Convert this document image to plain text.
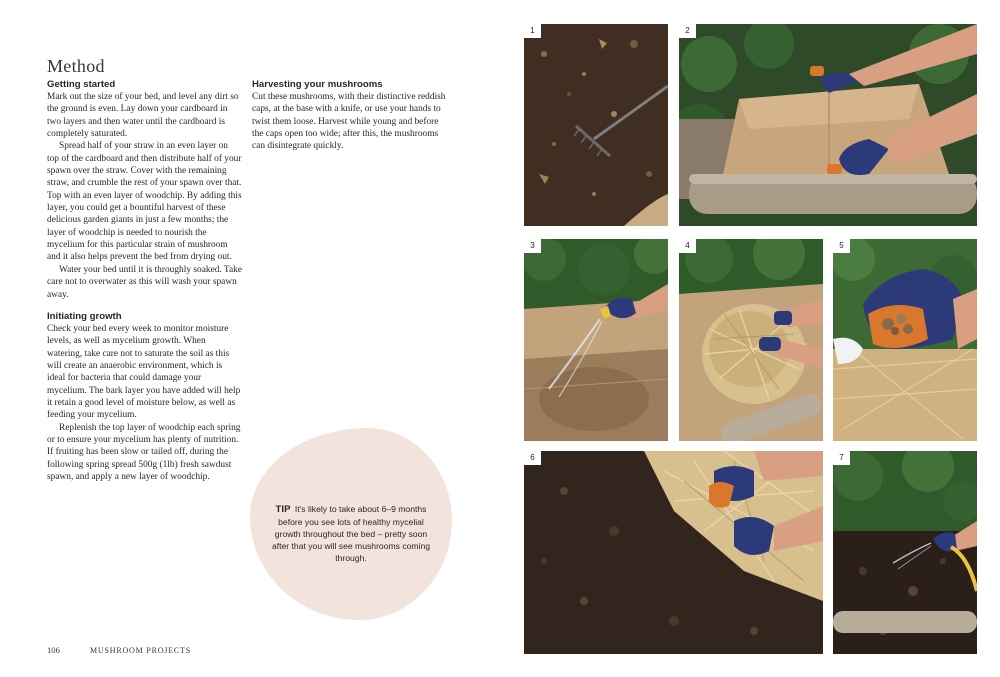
Method
Getting started

Mark out the size of your bed, and level any dirt so the ground is even. Lay down your cardboard in two layers and then water until the cardboard is completely saturated.

Spread half of your straw in an even layer on top of the cardboard and then distribute half of your spawn over the straw. Cover with the remaining straw, and crumble the rest of your spawn over that. Top with an even layer of woodchip. By adding this layer, you could get a bountiful harvest of these delicious garden giants in just a few months; the layer of woodchip is needed to nourish the mycelium for this particular strain of mushroom and it also helps prevent the bed from drying out.

Water your bed until it is throughly soaked. Take care not to overwater as this will wash your spawn away.

Initiating growth

Check your bed every week to monitor moisture levels, as well as mycelium growth. When watering, take care not to saturate the soil as this will create an anaerobic environment, which is ideal for bacteria that could damage your mycelium. The bark layer you have added will help it retain a good level of moisture below, as well as feeding your mycelium.

Replenish the top layer of woodchip each spring or to ensure your mycelium has plenty of nutrition. If fruiting has been slow or tailed off, during the following spring spread 500g (1lb) fresh sawdust spawn, and apply a new layer of woodchip.

Harvesting your mushrooms

Cut these mushrooms, with their distinctive reddish caps, at the base with a knife, or use your hands to twist them loose. Harvest while young and before the caps open too wide; after this, the mushrooms can disintegrate quickly.

TIP It's likely to take about 6–9 months before you see lots of healthy mycelial growth throughout the bed – pretty soon after that you will see mushrooms coming through.
106	MUSHROOM PROJECTS
1	2
3	4	5
6	7
